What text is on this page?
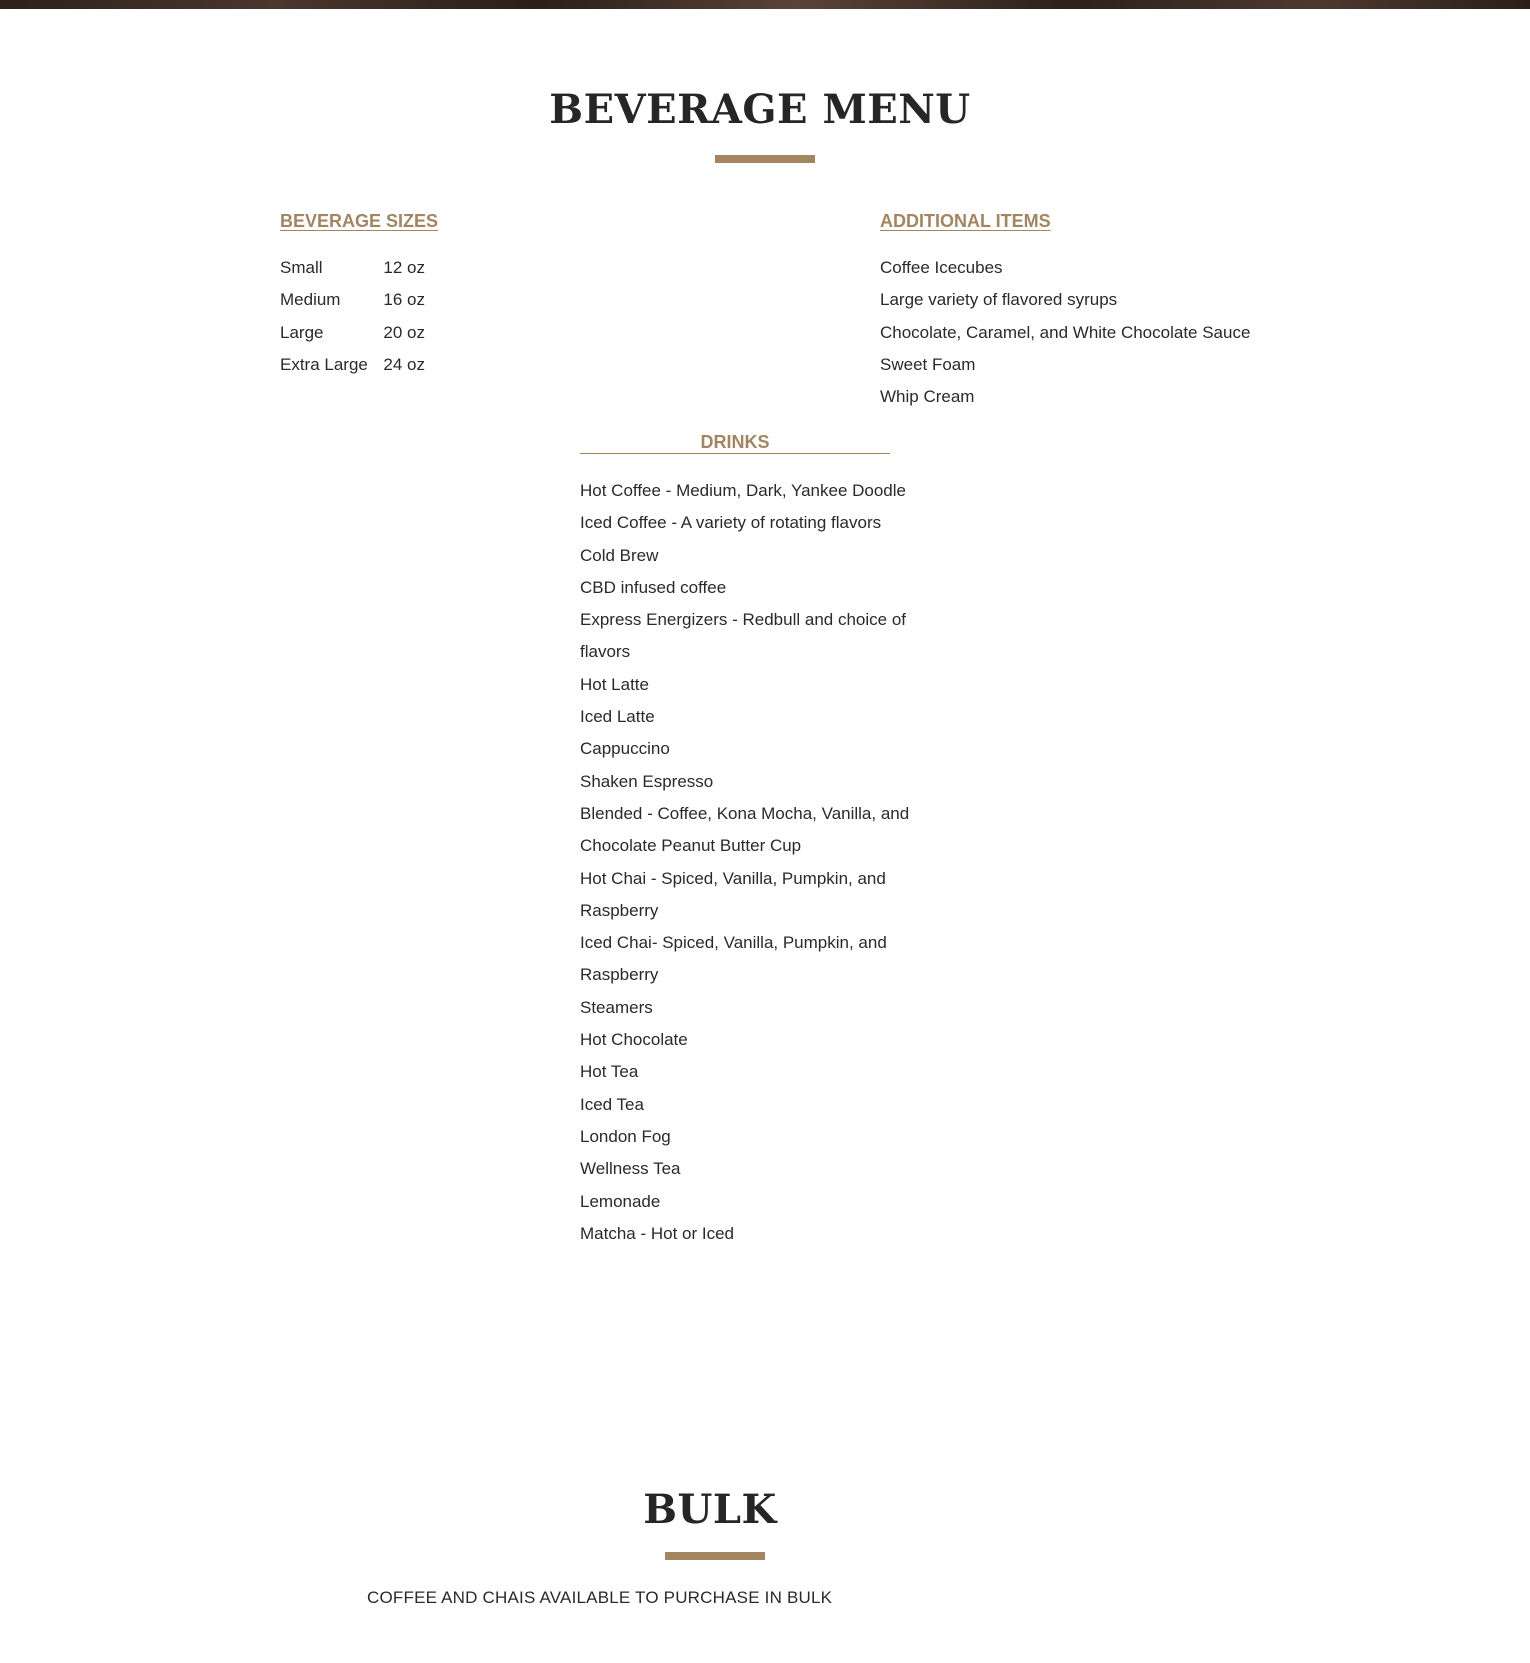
BEVERAGE MENU
BEVERAGE SIZES
Small	12 oz
Medium	16 oz
Large	20 oz
Extra Large	24 oz
ADDITIONAL ITEMS
Coffee Icecubes
Large variety of flavored syrups
Chocolate, Caramel, and White Chocolate Sauce
Sweet Foam
Whip Cream
DRINKS
Hot Coffee - Medium, Dark, Yankee Doodle
Iced Coffee - A variety of rotating flavors
Cold Brew
CBD infused coffee
Express Energizers - Redbull and choice of flavors
Hot Latte
Iced Latte
Cappuccino
Shaken Espresso
Blended - Coffee, Kona Mocha, Vanilla, and Chocolate Peanut Butter Cup
Hot Chai - Spiced, Vanilla, Pumpkin, and Raspberry
Iced Chai- Spiced, Vanilla, Pumpkin, and Raspberry
Steamers
Hot Chocolate
Hot Tea
Iced Tea
London Fog
Wellness Tea
Lemonade
Matcha - Hot or Iced
BULK

COFFEE AND CHAIS AVAILABLE TO PURCHASE IN BULK
